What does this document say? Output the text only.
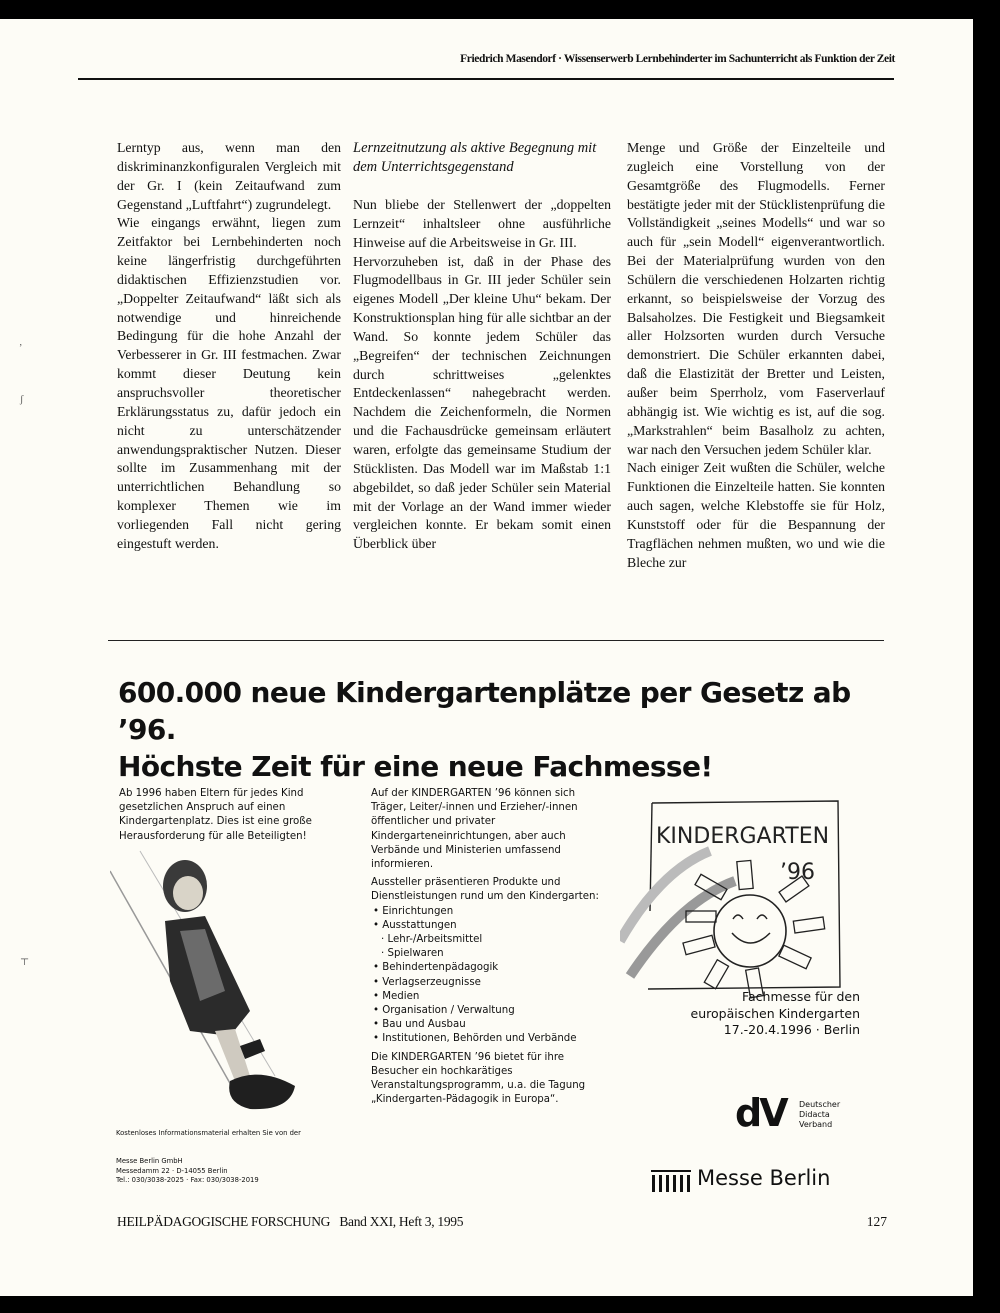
Friedrich Masendorf · Wissenserwerb Lernbehinderter im Sachunterricht als Funktion der Zeit
ʼ
ʃ
┬

Lerntyp aus, wenn man den diskriminanzkonfiguralen Vergleich mit der Gr. I (kein Zeitaufwand zum Gegenstand „Luftfahrt“) zugrundelegt.

Wie eingangs erwähnt, liegen zum Zeitfaktor bei Lernbehinderten noch keine längerfristig durchgeführten didaktischen Effizienzstudien vor. „Doppelter Zeitaufwand“ läßt sich als notwendige und hinreichende Bedingung für die hohe Anzahl der Verbesserer in Gr. III festmachen. Zwar kommt dieser Deutung kein anspruchsvoller theoretischer Erklärungsstatus zu, dafür jedoch ein nicht zu unterschätzender anwendungspraktischer Nutzen. Dieser sollte im Zusammenhang mit der unterrichtlichen Behandlung so komplexer Themen wie im vorliegenden Fall nicht gering eingestuft werden.

Lernzeitnutzung als aktive Begegnung mit dem Unterrichtsgegenstand

Nun bliebe der Stellenwert der „doppelten Lernzeit“ inhaltsleer ohne ausführliche Hinweise auf die Arbeitsweise in Gr. III.

Hervorzuheben ist, daß in der Phase des Flugmodellbaus in Gr. III jeder Schüler sein eigenes Modell „Der kleine Uhu“ bekam. Der Konstruktionsplan hing für alle sichtbar an der Wand. So konnte jedem Schüler das „Begreifen“ der technischen Zeichnungen durch schrittweises „gelenktes Entdeckenlassen“ nahegebracht werden. Nachdem die Zeichenformeln, die Normen und die Fachausdrücke gemeinsam erläutert waren, erfolgte das gemeinsame Studium der Stücklisten. Das Modell war im Maßstab 1:1 abgebildet, so daß jeder Schüler sein Material mit der Vorlage an der Wand immer wieder vergleichen konnte. Er bekam somit einen Überblick über

Menge und Größe der Einzelteile und zugleich eine Vorstellung von der Gesamtgröße des Flugmodells. Ferner bestätigte jeder mit der Stücklistenprüfung die Vollständigkeit „seines Modells“ und war so auch für „sein Modell“ eigenverantwortlich. Bei der Materialprüfung wurden von den Schülern die verschiedenen Holzarten richtig erkannt, so beispielsweise der Vorzug des Balsaholzes. Die Festigkeit und Biegsamkeit aller Holzsorten wurden durch Versuche demonstriert. Die Schüler erkannten dabei, daß die Elastizität der Bretter und Leisten, außer beim Sperrholz, vom Faserverlauf abhängig ist. Wie wichtig es ist, auf die sog. „Markstrahlen“ beim Basalholz zu achten, war nach den Versuchen jedem Schüler klar.

Nach einiger Zeit wußten die Schüler, welche Funktionen die Einzelteile hatten. Sie konnten auch sagen, welche Klebstoffe sie für Holz, Kunststoff oder für die Bespannung der Tragflächen nehmen mußten, wo und wie die Bleche zur

600.000 neue Kindergartenplätze per Gesetz ab ’96.
Höchste Zeit für eine neue Fachmesse!
Ab 1996 haben Eltern für jedes Kind gesetzlichen Anspruch auf einen Kindergartenplatz. Dies ist eine große Herausforderung für alle Beteiligten!
Kostenloses Informationsmaterial erhalten Sie von der
Messe Berlin GmbH
Messedamm 22 · D-14055 Berlin
Tel.: 030/3038-2025 · Fax: 030/3038-2019

Auf der KINDERGARTEN ’96 können sich Träger, Leiter/-innen und Erzieher/-innen öffentlicher und privater Kindergarteneinrichtungen, aber auch Verbände und Ministerien umfassend informieren.

Aussteller präsentieren Produkte und Dienstleistungen rund um den Kindergarten:

• Einrichtungen
• Ausstattungen
· Lehr-/Arbeitsmittel
· Spielwaren
• Behindertenpädagogik
• Verlagserzeugnisse
• Medien
• Organisation / Verwaltung
• Bau und Ausbau
• Institutionen, Behörden und Verbände

Die KINDERGARTEN ’96 bietet für ihre Besucher ein hochkarätiges Veranstaltungsprogramm, u.a. die Tagung „Kindergarten-Pädagogik in Europa“.

KINDERGARTEN
’96
Fachmesse für den
europäischen Kindergarten
17.-20.4.1996 · Berlin
dV Deutscher
Didacta
Verband
Messe Berlin
HEILPÄDAGOGISCHE FORSCHUNG   Band XXI, Heft 3, 1995	127
